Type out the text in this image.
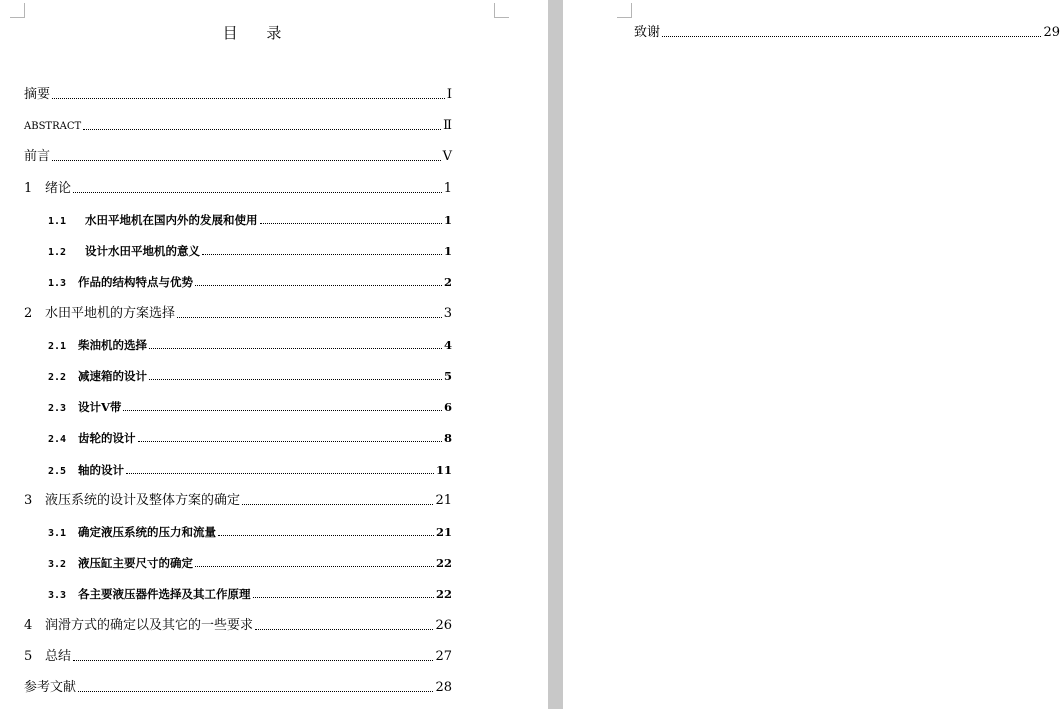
目 录
摘要	Ⅰ
ABSTRACT	Ⅱ
前言	Ⅴ
1 绪论	1
1.1	水田平地机在国内外的发展和使用	1
1.2	设计水田平地机的意义	1
1.3	作品的结构特点与优势	2
2 水田平地机的方案选择	3
2.1	柴油机的选择	4
2.2	减速箱的设计	5
2.3	设计V带	6
2.4	齿轮的设计	8
2.5	轴的设计	11
3 液压系统的设计及整体方案的确定	21
3.1	确定液压系统的压力和流量	21
3.2	液压缸主要尺寸的确定	22
3.3	各主要液压器件选择及其工作原理	22
4 润滑方式的确定以及其它的一些要求	26
5 总结	27
参考文献	28
致谢	29
